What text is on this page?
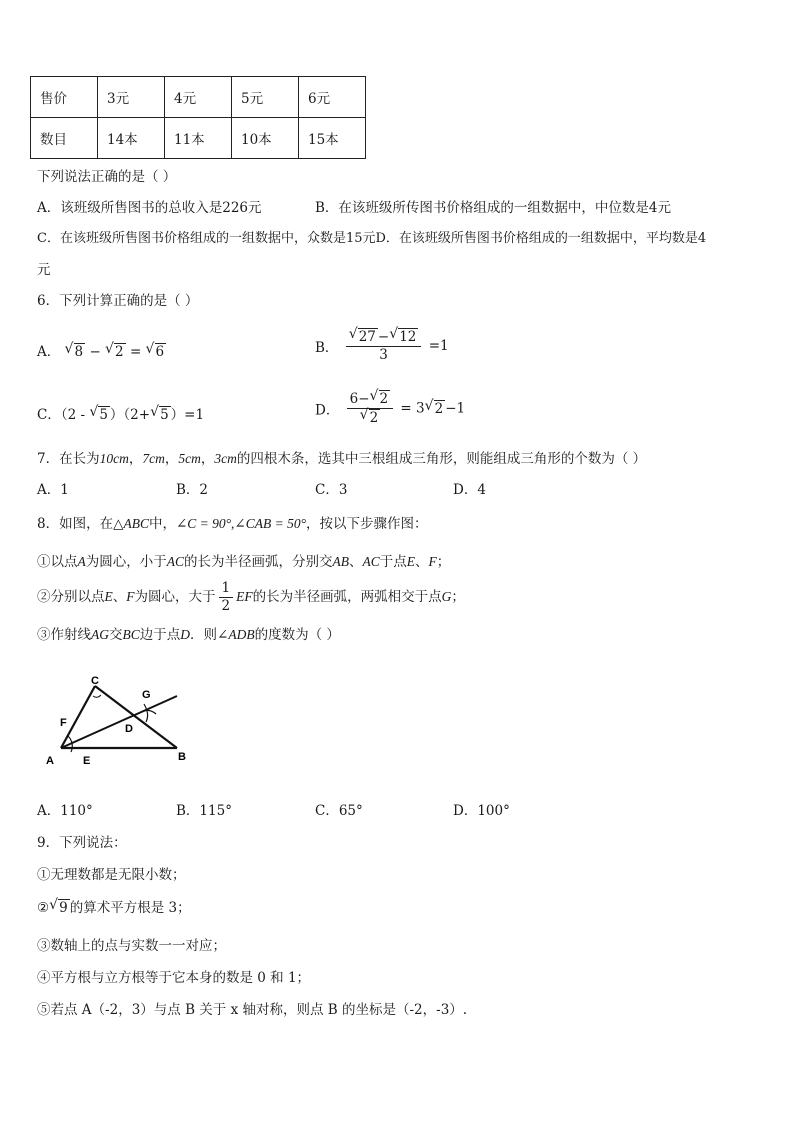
售价	3元	4元	5元	6元
数目	14本	11本	10本	15本
下列说法正确的是（ ）
A．该班级所售图书的总收入是226元	B．在该班级所传图书价格组成的一组数据中，中位数是4元
C．在该班级所售图书价格组成的一组数据中，众数是15元D．在该班级所售图书价格组成的一组数据中，平均数是4
元
6．下列计算正确的是（ ）
A． √ 8 − √ 2 = √ 6	B． √ $\frac{27 - √ 12}{3} =1$
C．（2 - √ 5 ）（2+ √ 5 ）=1	D． 6− √ 2
√ 2 = 3 √ 2 −1
7．在长为10cm，7cm，5cm，3cm的四根木条，选其中三根组成三角形，则能组成三角形的个数为（ ）
A．1	B．2	C．3	D．4
8．如图，在△ABC中，∠C = 90°,∠CAB = 50°，按以下步骤作图：
①以点A为圆心，小于AC的长为半径画弧，分别交AB、AC于点E、F；
②分别以点E、F为圆心，大于 $\frac{1}{2}$ EF的长为半径画弧，两弧相交于点G；
③作射线AG交BC边于点D．则∠ADB的度数为（ ）
C
G
F	D
A	E	B
A．110°	B．115°	C．65°	D．100°
9．下列说法：
①无理数都是无限小数；
② √ 9 的算术平方根是 3；
③数轴上的点与实数一一对应；
④平方根与立方根等于它本身的数是 0 和 1；
⑤若点 A（-2，3）与点 B 关于 x 轴对称，则点 B 的坐标是（-2，-3）.
